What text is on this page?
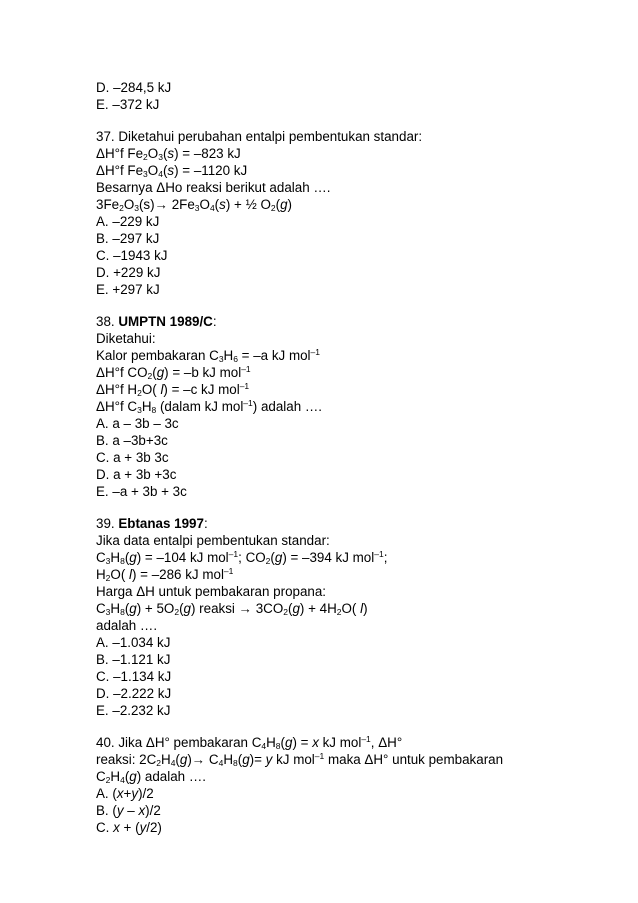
D. –284,5 kJ
E. –372 kJ
37. Diketahui perubahan entalpi pembentukan standar:
ΔH°f $Fe_2O_3(s) = -823$ kJ
ΔH°f $Fe_3O_4(s) = -1120$ kJ
Besarnya ΔHo reaksi berikut adalah ….
$3Fe_2O_3(s)\to 2Fe_3O_4(s)$ + ½ $O_2(g)$
A. –229 kJ
B. –297 kJ
C. –1943 kJ
D. +229 kJ
E. +297 kJ
38. UMPTN 1989/C:
Diketahui:
Kalor pembakaran $C_3H_6 = -a$ kJ mol$^{-1}$
ΔH°f $CO_2(g) = -b$ kJ mol$^{-1}$
ΔH°f $H_2O$( l) = –c kJ mol$^{-1}$
ΔH°f $C_3H_8$ (dalam kJ mol$^{-1}$) adalah ….
A. a – 3b – 3c
B. a –3b+3c
C. a + 3b 3c
D. a + 3b +3c
E. –a + 3b + 3c
39. Ebtanas 1997:
Jika data entalpi pembentukan standar:
$C_3H_8(g) = -104$ kJ mol$^{-1}$; $CO_2(g) = -394$ kJ mol$^{-1}$;
$H_2O$( l) = –286 kJ mol$^{-1}$
Harga ΔH untuk pembakaran propana:
$C_3H_8(g) + 5O_2(g)$ reaksi → $3CO_2(g) + 4H_2O$( l)
adalah ….
A. –1.034 kJ
B. –1.121 kJ
C. –1.134 kJ
D. –2.222 kJ
E. –2.232 kJ
40. Jika ΔH° pembakaran $C_4H_8(g) = x$ kJ mol$^{-1}$, ΔH°
reaksi: $2C_2H_4(g)\to C_4H_8(g)= y$ kJ mol$^{-1}$ maka ΔH° untuk pembakaran
$C_2H_4(g)$ adalah ….
A. (x+y)/2
B. (y – x)/2
C. x + (y/2)
